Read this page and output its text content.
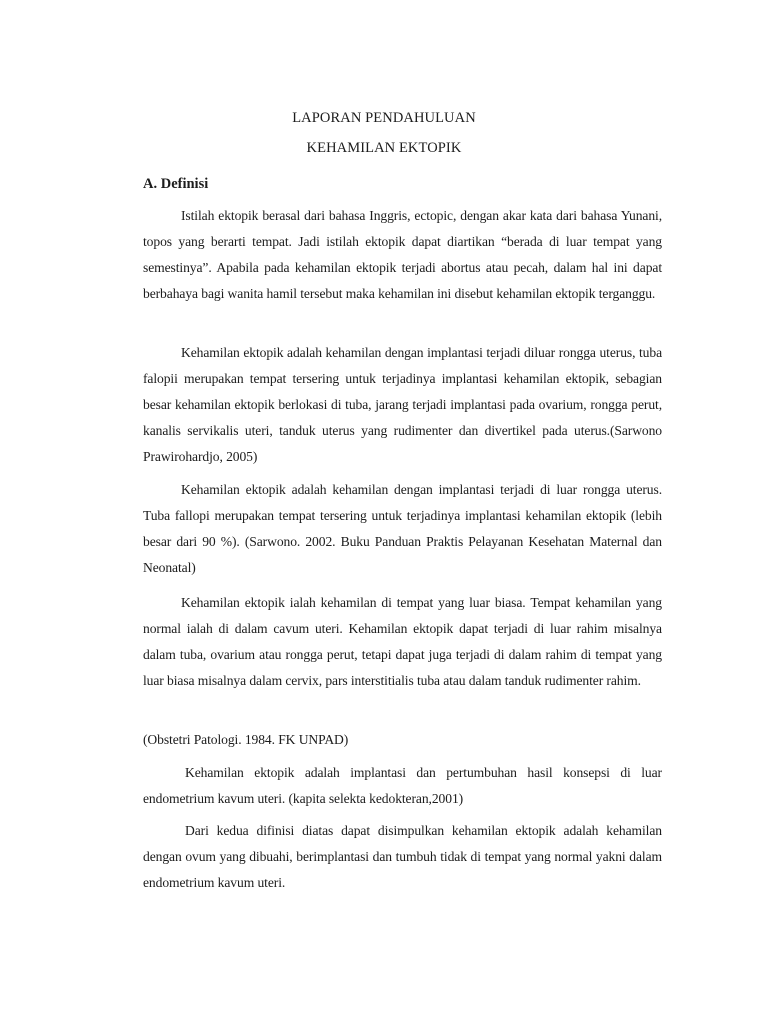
LAPORAN PENDAHULUAN
KEHAMILAN EKTOPIK
A. Definisi

Istilah ektopik berasal dari bahasa Inggris, ectopic, dengan akar kata dari bahasa Yunani, topos yang berarti tempat. Jadi istilah ektopik dapat diartikan “berada di luar tempat yang semestinya”. Apabila pada kehamilan ektopik terjadi abortus atau pecah, dalam hal ini dapat berbahaya bagi wanita hamil tersebut maka kehamilan ini disebut kehamilan ektopik terganggu.

Kehamilan ektopik adalah kehamilan dengan implantasi terjadi diluar rongga uterus, tuba falopii merupakan tempat tersering untuk terjadinya implantasi kehamilan ektopik, sebagian besar kehamilan ektopik berlokasi di tuba, jarang terjadi implantasi pada ovarium, rongga perut, kanalis servikalis uteri, tanduk uterus yang rudimenter dan divertikel pada uterus.(Sarwono Prawirohardjo, 2005)

Kehamilan ektopik adalah kehamilan dengan implantasi terjadi di luar rongga uterus. Tuba fallopi merupakan tempat tersering untuk terjadinya implantasi kehamilan ektopik (lebih besar dari 90 %). (Sarwono. 2002. Buku Panduan Praktis Pelayanan Kesehatan Maternal dan Neonatal)

Kehamilan ektopik ialah kehamilan di tempat yang luar biasa. Tempat kehamilan yang normal ialah di dalam cavum uteri. Kehamilan ektopik dapat terjadi di luar rahim misalnya dalam tuba, ovarium atau rongga perut, tetapi dapat juga terjadi di dalam rahim di tempat yang luar biasa misalnya dalam cervix, pars interstitialis tuba atau dalam tanduk rudimenter rahim.

(Obstetri Patologi. 1984. FK UNPAD)

Kehamilan ektopik adalah implantasi dan pertumbuhan hasil konsepsi di luar endometrium kavum uteri. (kapita selekta kedokteran,2001)

Dari kedua difinisi diatas dapat disimpulkan kehamilan ektopik adalah kehamilan dengan ovum yang dibuahi, berimplantasi dan tumbuh tidak di tempat yang normal yakni dalam endometrium kavum uteri.
